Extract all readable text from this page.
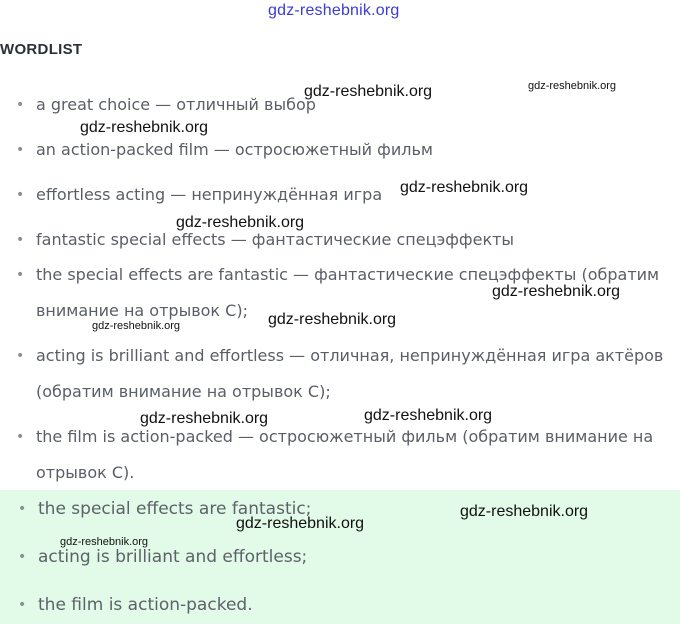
gdz-reshebnik.org
WORDLIST
• a great choice — отличный выбор
• an action-packed film — остросюжетный фильм
• effortless acting — непринуждённая игра
• fantastic special effects — фантастические спецэффекты
• the special effects are fantastic — фантастические спецэффекты (обратим
внимание на отрывок С);
• acting is brilliant and effortless — отличная, непринуждённая игра актёров
(обратим внимание на отрывок С);
• the film is action-packed — остросюжетный фильм (обратим внимание на
отрывок С).
• the special effects are fantastic;
• acting is brilliant and effortless;
• the film is action-packed.
gdz-reshebnik.org	gdz-reshebnik.org
gdz-reshebnik.org
gdz-reshebnik.org
gdz-reshebnik.org
gdz-reshebnik.org
gdz-reshebnik.org
gdz-reshebnik.org
gdz-reshebnik.org	gdz-reshebnik.org
gdz-reshebnik.org
gdz-reshebnik.org
gdz-reshebnik.org
